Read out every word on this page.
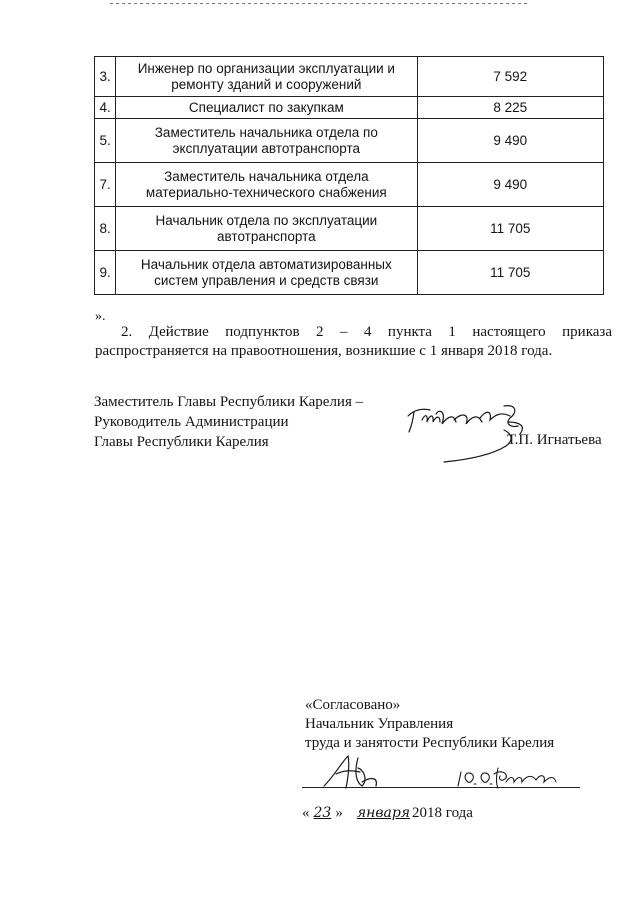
3.	Инженер по организации эксплуатации и ремонту зданий и сооружений	7 592
4.	Специалист по закупкам	8 225
5.	Заместитель начальника отдела по эксплуатации автотранспорта	9 490
7.	Заместитель начальника отдела материально-технического снабжения	9 490
8.	Начальник отдела по эксплуатации автотранспорта	11 705
9.	Начальник отдела автоматизированных систем управления и средств связи	11 705
».
2. Действие подпунктов 2 – 4 пункта 1 настоящего приказа распространяется на правоотношения, возникшие с 1 января 2018 года.
Заместитель Главы Республики Карелия –
Руководитель Администрации
Главы Республики Карелия	Т.П. Игнатьева
«Согласовано»
Начальник Управления
труда и занятости Республики Карелия
« 23 » января 2018 года
